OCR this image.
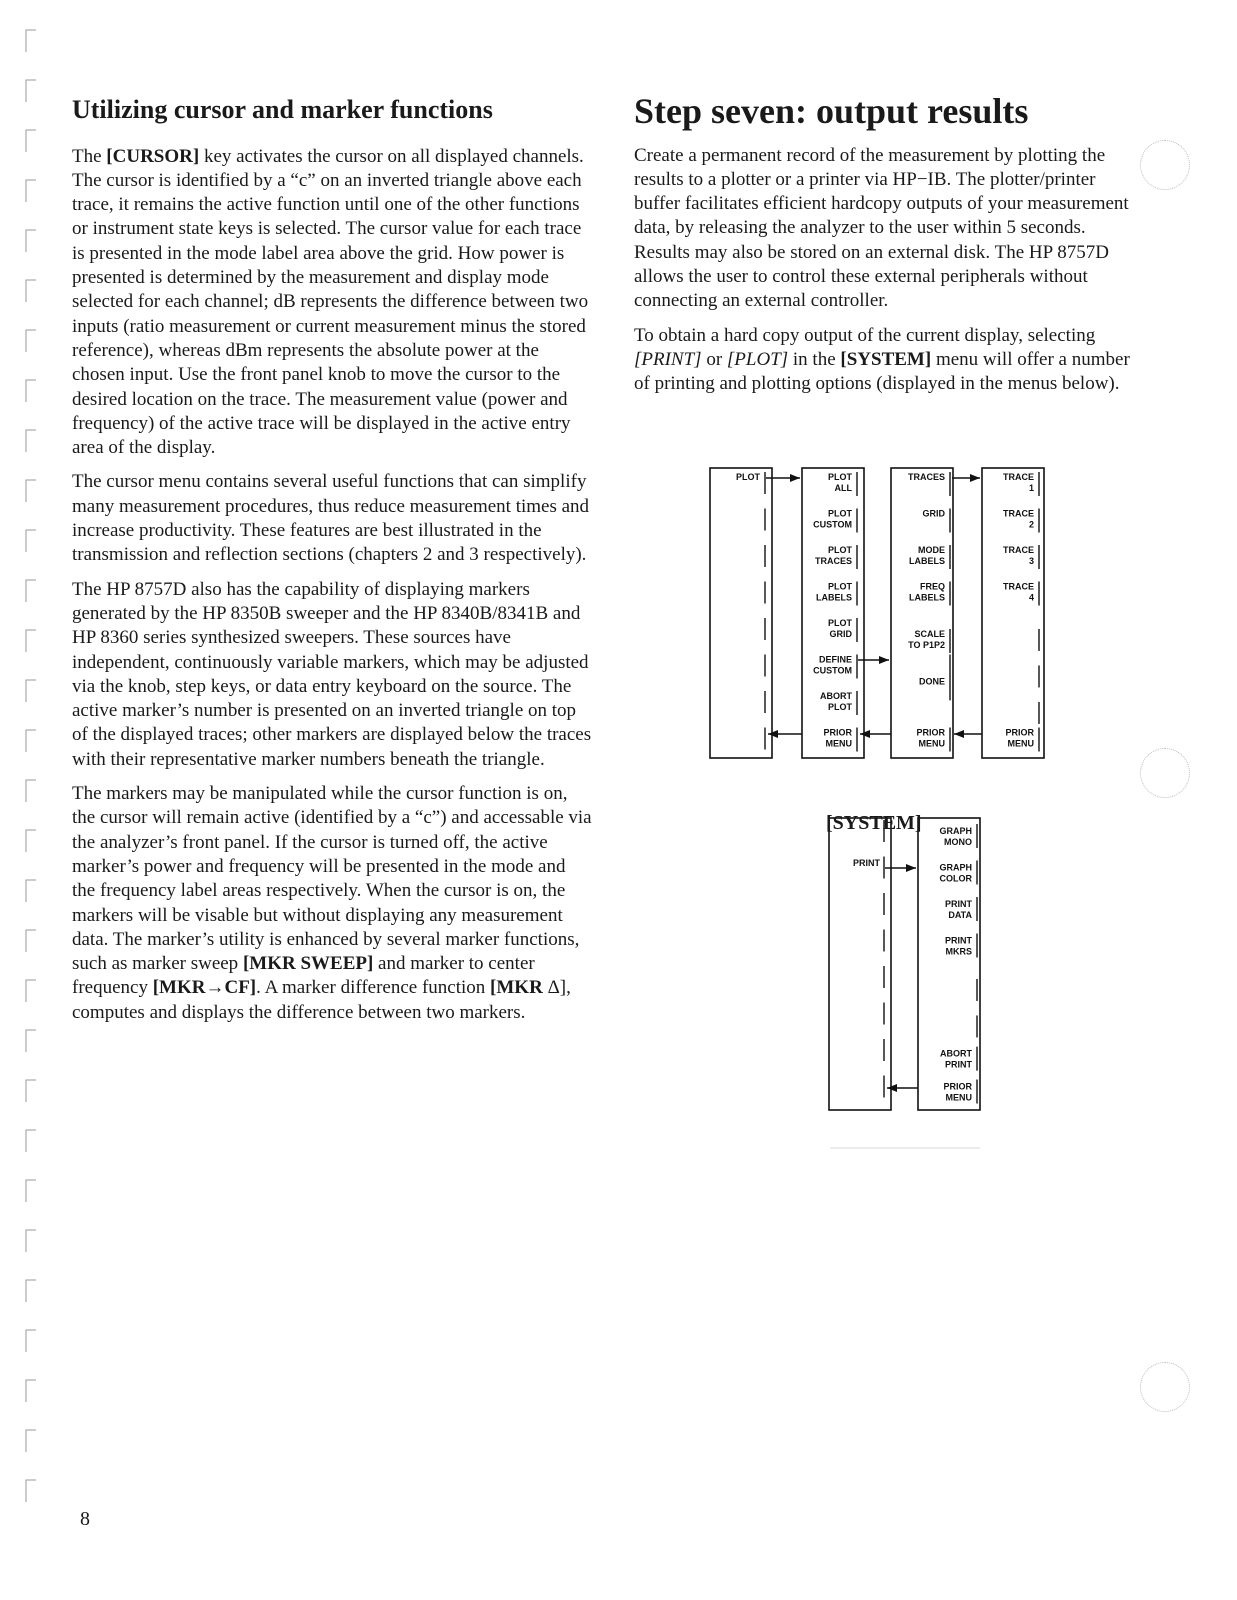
Utilizing cursor and marker functions

The [CURSOR] key activates the cursor on all displayed channels. The cursor is identified by a “c” on an inverted triangle above each trace, it remains the active function until one of the other functions or instrument state keys is selected. The cursor value for each trace is presented in the mode label area above the grid. How power is presented is determined by the measurement and display mode selected for each channel; dB represents the difference between two inputs (ratio measurement or current measurement minus the stored reference), whereas dBm represents the absolute power at the chosen input. Use the front panel knob to move the cursor to the desired location on the trace. The measurement value (power and frequency) of the active trace will be displayed in the active entry area of the display.

The cursor menu contains several useful functions that can simplify many measurement procedures, thus reduce measurement times and increase productivity. These features are best illustrated in the transmission and reflection sections (chapters 2 and 3 respectively).

The HP 8757D also has the capability of displaying markers generated by the HP 8350B sweeper and the HP 8340B/8341B and HP 8360 series synthesized sweepers. These sources have independent, continuously variable markers, which may be adjusted via the knob, step keys, or data entry keyboard on the source. The active marker’s number is presented on an inverted triangle on top of the displayed traces; other markers are displayed below the traces with their representative marker numbers beneath the triangle.

The markers may be manipulated while the cursor function is on, the cursor will remain active (identified by a “c”) and accessable via the analyzer’s front panel. If the cursor is turned off, the active marker’s power and frequency will be presented in the mode and the frequency label areas respectively. When the cursor is on, the markers will be visable but without displaying any measurement data. The marker’s utility is enhanced by several marker functions, such as marker sweep [MKR SWEEP] and marker to center frequency [MKR→CF]. A marker difference function [MKR Δ], computes and displays the difference between two markers.

Step seven: output results

Create a permanent record of the measurement by plotting the results to a plotter or a printer via HP−IB. The plotter/printer buffer facilitates efficient hardcopy outputs of your measurement data, by releasing the analyzer to the user within 5 seconds. Results may also be stored on an external disk. The HP 8757D allows the user to control these external peripherals without connecting an external controller.

To obtain a hard copy output of the current display, selecting [PRINT] or [PLOT] in the [SYSTEM] menu will offer a number of printing and plotting options (displayed in the menus below).

PLOT	PLOT
ALL
PLOT
CUSTOM
PLOT
TRACES
PLOT
LABELS
PLOT
GRID
DEFINE
CUSTOM
ABORT
PLOT
PRIOR
MENU
TRACES
GRID
MODE
LABELS
FREQ
LABELS
SCALE
TO P1P2
DONE
PRIOR
MENU
TRACE
1
TRACE
2
TRACE
3
TRACE
4
PRIOR
MENU
PRINT
GRAPH
MONO
GRAPH
COLOR
PRINT
DATA
PRINT
MKRS
ABORT
PRINT
PRIOR
MENU
[SYSTEM]
8
